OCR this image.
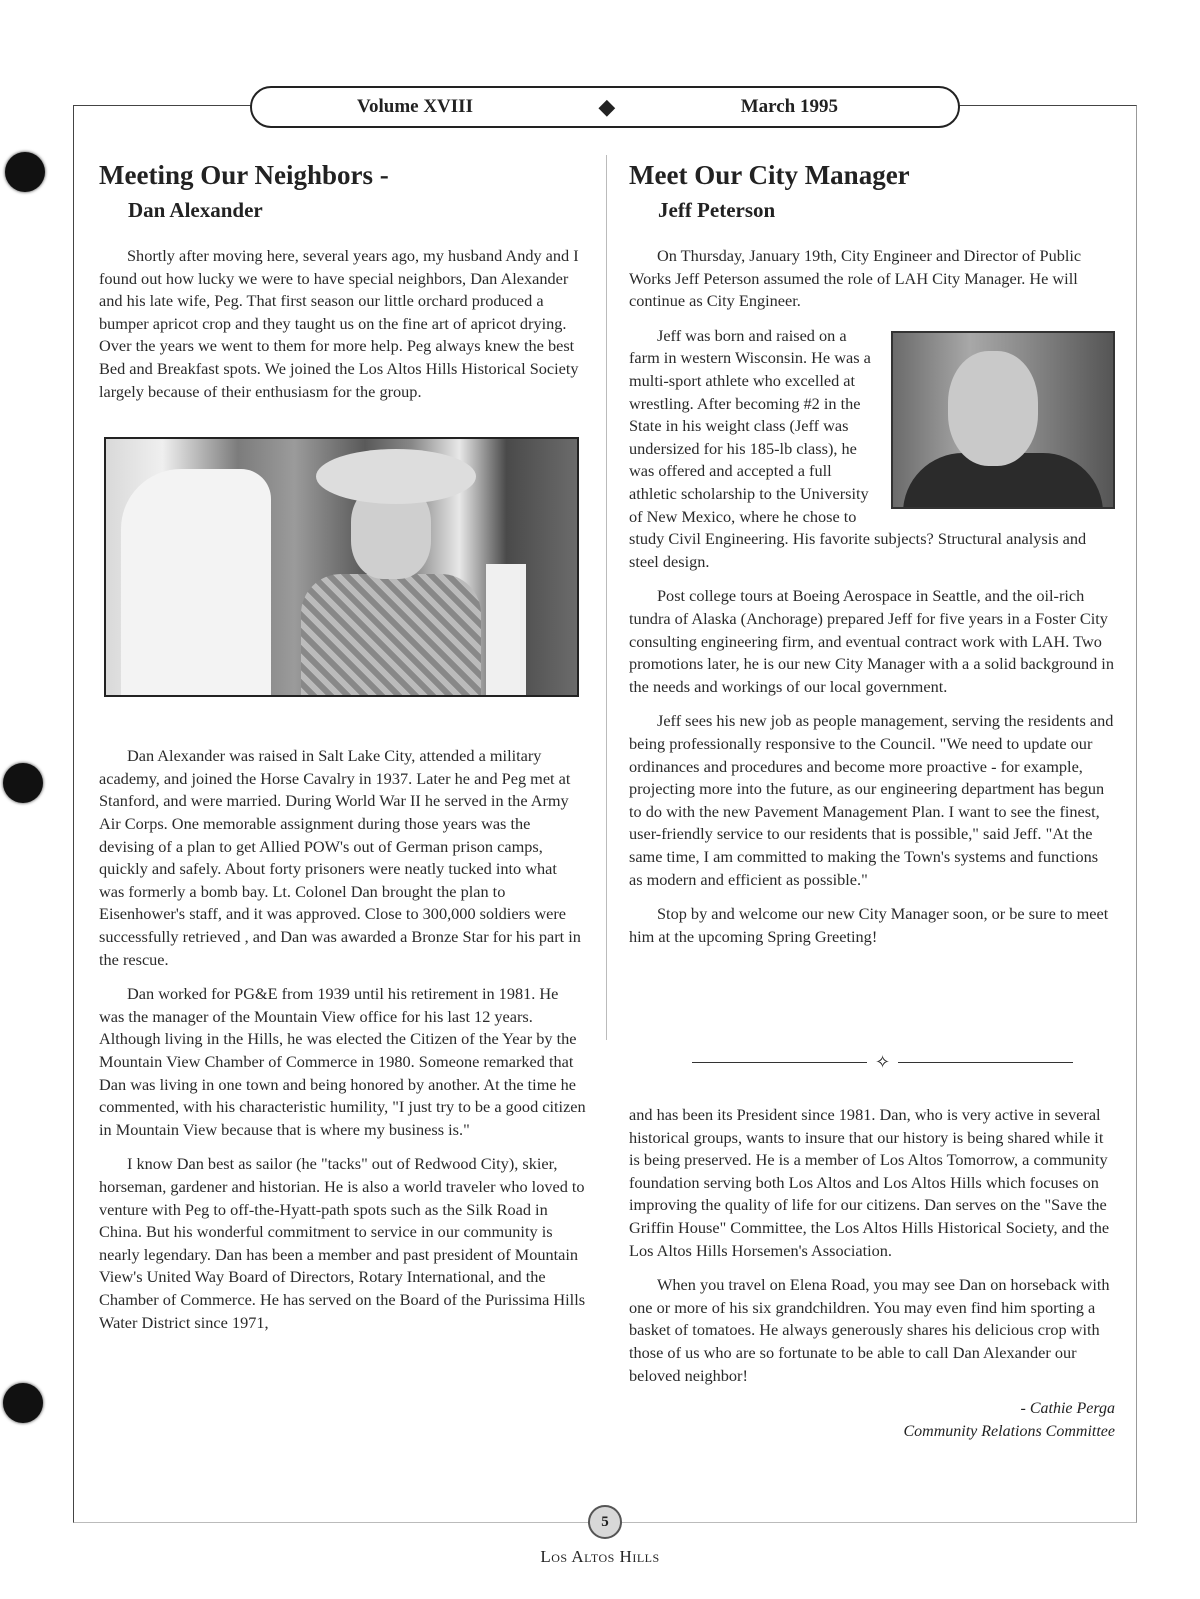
Volume XVIII	◆	March 1995
Meeting Our Neighbors -
Dan Alexander

Shortly after moving here, several years ago, my husband Andy and I found out how lucky we were to have special neighbors, Dan Alexander and his late wife, Peg. That first season our little orchard produced a bumper apricot crop and they taught us on the fine art of apricot drying. Over the years we went to them for more help. Peg always knew the best Bed and Breakfast spots. We joined the Los Altos Hills Historical Society largely because of their enthusiasm for the group.

Dan Alexander was raised in Salt Lake City, attended a military academy, and joined the Horse Cavalry in 1937. Later he and Peg met at Stanford, and were married. During World War II he served in the Army Air Corps. One memorable assignment during those years was the devising of a plan to get Allied POW's out of German prison camps, quickly and safely. About forty prisoners were neatly tucked into what was formerly a bomb bay. Lt. Colonel Dan brought the plan to Eisenhower's staff, and it was approved. Close to 300,000 soldiers were successfully retrieved , and Dan was awarded a Bronze Star for his part in the rescue.

Dan worked for PG&E from 1939 until his retirement in 1981. He was the manager of the Mountain View office for his last 12 years. Although living in the Hills, he was elected the Citizen of the Year by the Mountain View Chamber of Commerce in 1980. Someone remarked that Dan was living in one town and being honored by another. At the time he commented, with his characteristic humility, "I just try to be a good citizen in Mountain View because that is where my business is."

I know Dan best as sailor (he "tacks" out of Redwood City), skier, horseman, gardener and historian. He is also a world traveler who loved to venture with Peg to off-the-Hyatt-path spots such as the Silk Road in China. But his wonderful commitment to service in our community is nearly legendary. Dan has been a member and past president of Mountain View's United Way Board of Directors, Rotary International, and the Chamber of Commerce. He has served on the Board of the Purissima Hills Water District since 1971,

Meet Our City Manager
Jeff Peterson

On Thursday, January 19th, City Engineer and Director of Public Works Jeff Peterson assumed the role of LAH City Manager. He will continue as City Engineer.

Jeff was born and raised on a farm in western Wisconsin. He was a multi-sport athlete who excelled at wrestling. After becoming #2 in the State in his weight class (Jeff was undersized for his 185-lb class), he was offered and accepted a full athletic scholarship to the University of New Mexico, where he chose to study Civil Engineering. His favorite subjects? Structural analysis and steel design.

Post college tours at Boeing Aerospace in Seattle, and the oil-rich tundra of Alaska (Anchorage) prepared Jeff for five years in a Foster City consulting engineering firm, and eventual contract work with LAH. Two promotions later, he is our new City Manager with a a solid background in the needs and workings of our local government.

Jeff sees his new job as people management, serving the residents and being professionally responsive to the Council. "We need to update our ordinances and procedures and become more proactive - for example, projecting more into the future, as our engineering department has begun to do with the new Pavement Management Plan. I want to see the finest, user-friendly service to our residents that is possible," said Jeff. "At the same time, I am committed to making the Town's systems and functions as modern and efficient as possible."

Stop by and welcome our new City Manager soon, or be sure to meet him at the upcoming Spring Greeting!

✧

and has been its President since 1981. Dan, who is very active in several historical groups, wants to insure that our history is being shared while it is being preserved. He is a member of Los Altos Tomorrow, a community foundation serving both Los Altos and Los Altos Hills which focuses on improving the quality of life for our citizens. Dan serves on the "Save the Griffin House" Committee, the Los Altos Hills Historical Society, and the Los Altos Hills Horsemen's Association.

When you travel on Elena Road, you may see Dan on horseback with one or more of his six grandchildren. You may even find him sporting a basket of tomatoes. He always generously shares his delicious crop with those of us who are so fortunate to be able to call Dan Alexander our beloved neighbor!

- Cathie Perga
Community Relations Committee
5
Los Altos Hills
